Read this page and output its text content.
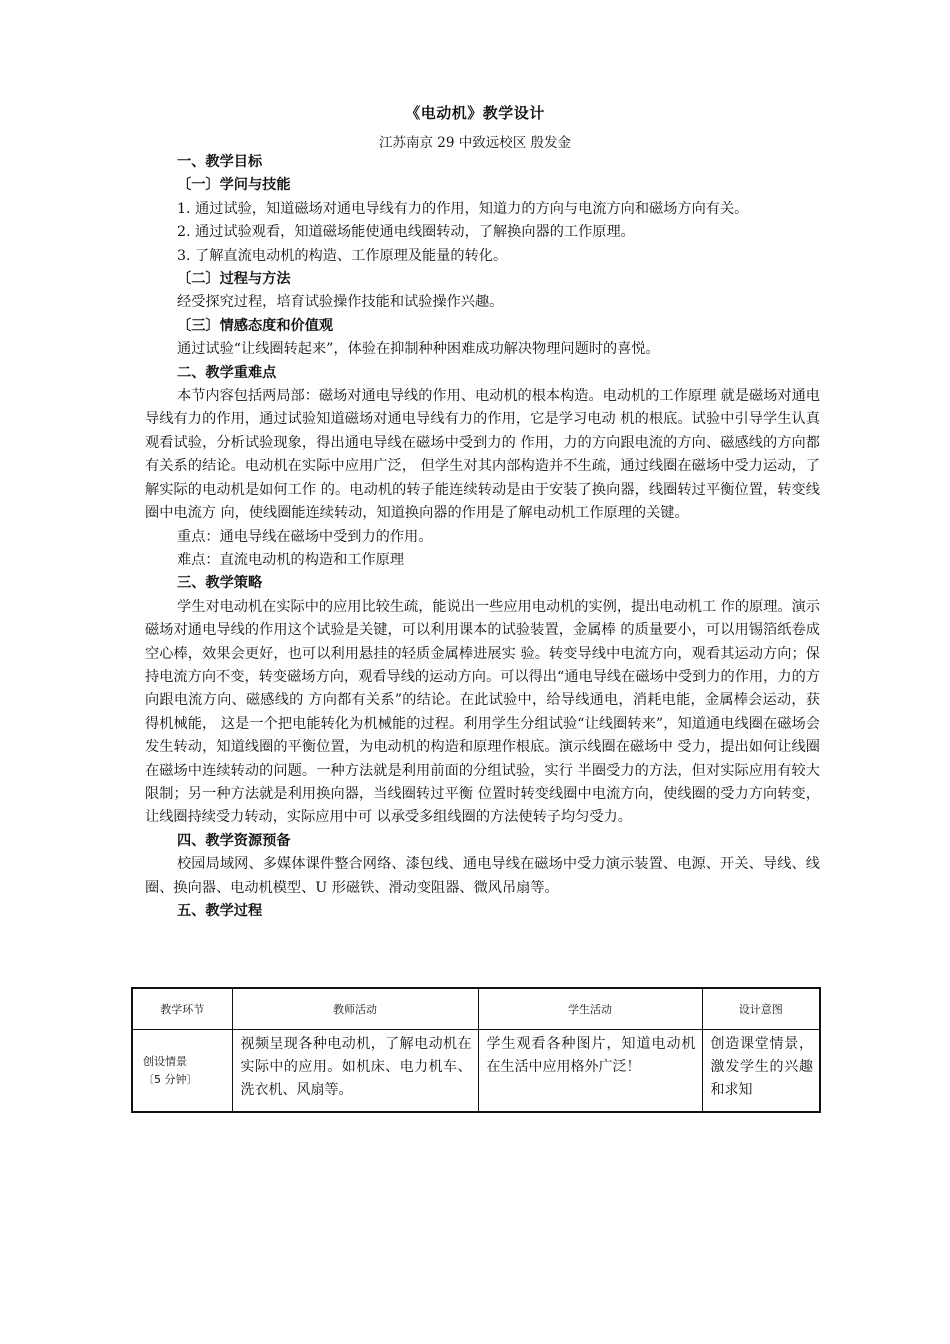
《电动机》教学设计
江苏南京 29 中致远校区 殷发金
一、教学目标
〔一〕学问与技能

1. 通过试验，知道磁场对通电导线有力的作用，知道力的方向与电流方向和磁场方向有关。

2. 通过试验观看，知道磁场能使通电线圈转动，了解换向器的工作原理。

3. 了解直流电动机的构造、工作原理及能量的转化。

〔二〕过程与方法

经受探究过程，培育试验操作技能和试验操作兴趣。

〔三〕情感态度和价值观

通过试验“让线圈转起来”，体验在抑制种种困难成功解决物理问题时的喜悦。

二、教学重难点

本节内容包括两局部：磁场对通电导线的作用、电动机的根本构造。电动机的工作原理 就是磁场对通电导线有力的作用，通过试验知道磁场对通电导线有力的作用，它是学习电动 机的根底。试验中引导学生认真观看试验，分析试验现象，得出通电导线在磁场中受到力的 作用，力的方向跟电流的方向、磁感线的方向都有关系的结论。电动机在实际中应用广泛， 但学生对其内部构造并不生疏，通过线圈在磁场中受力运动，了解实际的电动机是如何工作 的。电动机的转子能连续转动是由于安装了换向器，线圈转过平衡位置，转变线圈中电流方 向，使线圈能连续转动，知道换向器的作用是了解电动机工作原理的关键。

重点：通电导线在磁场中受到力的作用。

难点：直流电动机的构造和工作原理

三、教学策略

学生对电动机在实际中的应用比较生疏，能说出一些应用电动机的实例，提出电动机工 作的原理。演示磁场对通电导线的作用这个试验是关键，可以利用课本的试验装置，金属棒 的质量要小，可以用锡箔纸卷成空心棒，效果会更好，也可以利用悬挂的轻质金属棒进展实 验。转变导线中电流方向，观看其运动方向；保持电流方向不变，转变磁场方向，观看导线的运动方向。可以得出“通电导线在磁场中受到力的作用，力的方向跟电流方向、磁感线的 方向都有关系”的结论。在此试验中，给导线通电，消耗电能，金属棒会运动，获得机械能， 这是一个把电能转化为机械能的过程。利用学生分组试验“让线圈转来”，知道通电线圈在磁场会发生转动，知道线圈的平衡位置，为电动机的构造和原理作根底。演示线圈在磁场中 受力，提出如何让线圈在磁场中连续转动的问题。一种方法就是利用前面的分组试验，实行 半圈受力的方法，但对实际应用有较大限制；另一种方法就是利用换向器，当线圈转过平衡 位置时转变线圈中电流方向，使线圈的受力方向转变，让线圈持续受力转动，实际应用中可 以承受多组线圈的方法使转子均匀受力。

四、教学资源预备

校园局域网、多媒体课件整合网络、漆包线、通电导线在磁场中受力演示装置、电源、开关、导线、线圈、换向器、电动机模型、U 形磁铁、滑动变阻器、微风吊扇等。

五、教学过程
教学环节	教师活动	学生活动	设计意图

创设情景
〔5 分钟〕	视频呈现各种电动机，了解电动机在实际中的应用。如机床、电力机车、洗衣机、风扇等。	学生观看各种图片，知道电动机在生活中应用格外广泛！	创造课堂情景，激发学生的兴趣和求知
